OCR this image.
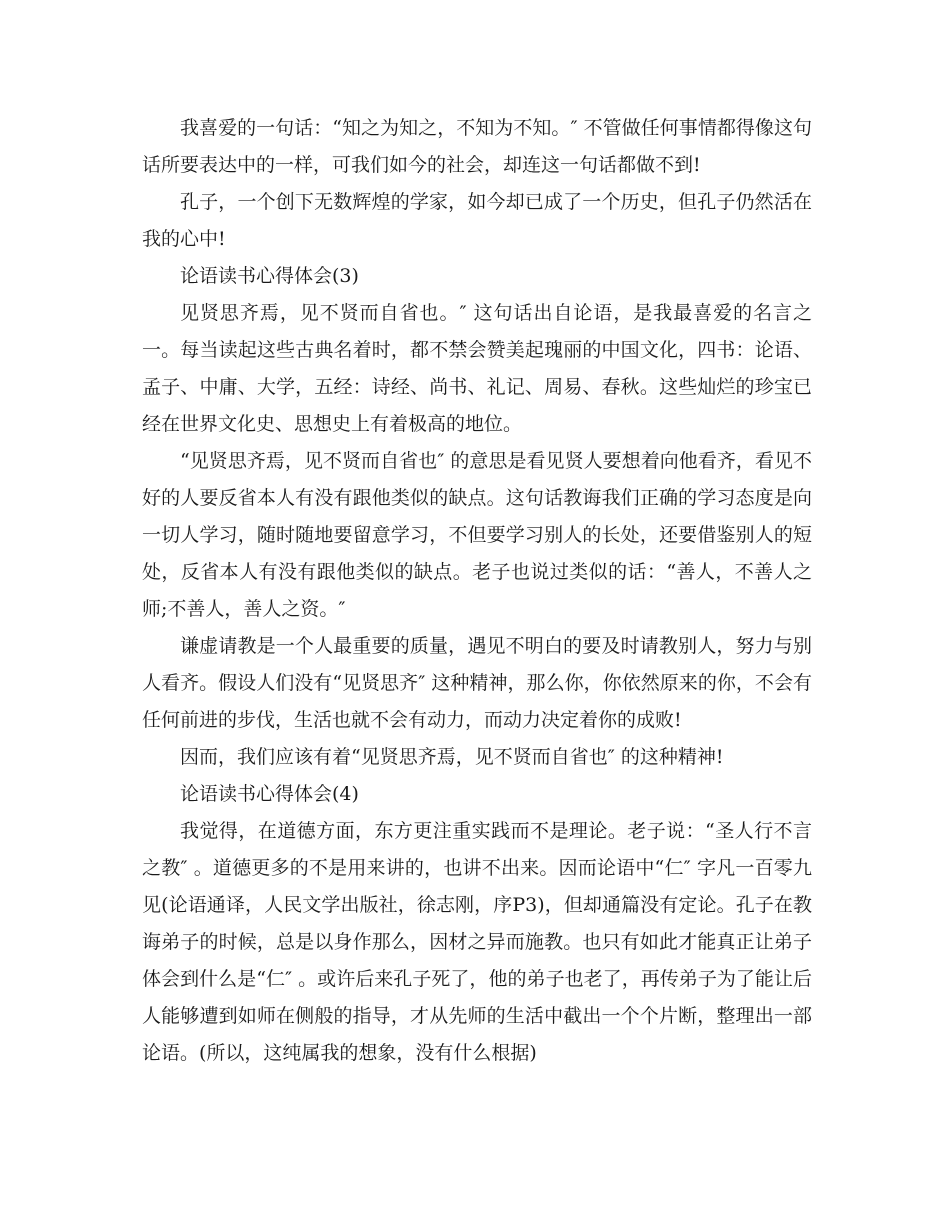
我喜爱的一句话：“知之为知之，不知为不知。″ 不管做任何事情都得像这句话所要表达中的一样，可我们如今的社会，却连这一句话都做不到!

孔子，一个创下无数辉煌的学家，如今却已成了一个历史，但孔子仍然活在我的心中!

论语读书心得体会(3)

见贤思齐焉，见不贤而自省也。″ 这句话出自论语，是我最喜爱的名言之一。每当读起这些古典名着时，都不禁会赞美起瑰丽的中国文化，四书：论语、孟子、中庸、大学，五经：诗经、尚书、礼记、周易、春秋。这些灿烂的珍宝已经在世界文化史、思想史上有着极高的地位。

“见贤思齐焉，见不贤而自省也″ 的意思是看见贤人要想着向他看齐，看见不好的人要反省本人有没有跟他类似的缺点。这句话教诲我们正确的学习态度是向一切人学习，随时随地要留意学习，不但要学习别人的长处，还要借鉴别人的短处，反省本人有没有跟他类似的缺点。老子也说过类似的话：“善人，不善人之师;不善人，善人之资。″

谦虚请教是一个人最重要的质量，遇见不明白的要及时请教别人，努力与别人看齐。假设人们没有“见贤思齐″ 这种精神，那么你，你依然原来的你，不会有任何前进的步伐，生活也就不会有动力，而动力决定着你的成败!

因而，我们应该有着“见贤思齐焉，见不贤而自省也″ 的这种精神!

论语读书心得体会(4)

我觉得，在道德方面，东方更注重实践而不是理论。老子说：“圣人行不言之教″ 。道德更多的不是用来讲的，也讲不出来。因而论语中“仁″ 字凡一百零九见(论语通译，人民文学出版社，徐志刚，序P3)，但却通篇没有定论。孔子在教诲弟子的时候，总是以身作那么，因材之异而施教。也只有如此才能真正让弟子体会到什么是“仁″ 。或许后来孔子死了，他的弟子也老了，再传弟子为了能让后人能够遭到如师在侧般的指导，才从先师的生活中截出一个个片断，整理出一部论语。(所以，这纯属我的想象，没有什么根据)
